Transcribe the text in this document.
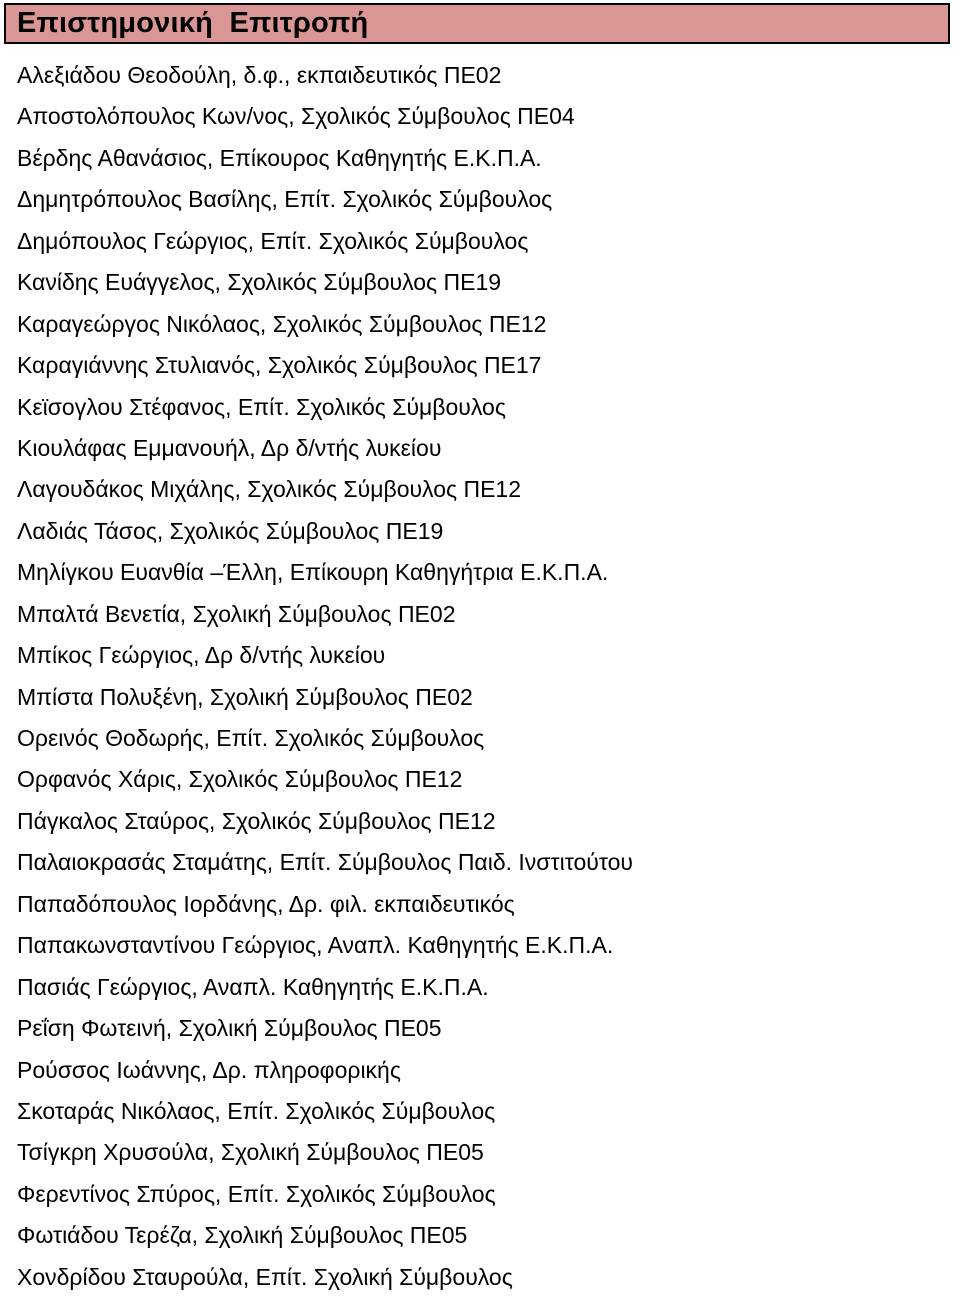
Επιστημονική  Επιτροπή
Αλεξιάδου Θεοδούλη, δ.φ., εκπαιδευτικός ΠΕ02
Αποστολόπουλος Κων/νος, Σχολικός Σύμβουλος ΠΕ04
Βέρδης Αθανάσιος, Επίκουρος Καθηγητής Ε.Κ.Π.Α.
Δημητρόπουλος Βασίλης, Επίτ. Σχολικός Σύμβουλος
Δημόπουλος Γεώργιος, Επίτ. Σχολικός Σύμβουλος
Κανίδης Ευάγγελος, Σχολικός Σύμβουλος ΠΕ19
Καραγεώργος Νικόλαος, Σχολικός Σύμβουλος ΠΕ12
Καραγιάννης Στυλιανός, Σχολικός Σύμβουλος ΠΕ17
Κεϊσογλου Στέφανος, Επίτ. Σχολικός Σύμβουλος
Κιουλάφας Εμμανουήλ, Δρ δ/ντής λυκείου
Λαγουδάκος Μιχάλης, Σχολικός Σύμβουλος ΠΕ12
Λαδιάς Τάσος, Σχολικός Σύμβουλος ΠΕ19
Μηλίγκου Ευανθία –Έλλη, Επίκουρη Καθηγήτρια Ε.Κ.Π.Α.
Μπαλτά Βενετία, Σχολική Σύμβουλος ΠΕ02
Μπίκος Γεώργιος, Δρ δ/ντής λυκείου
Μπίστα Πολυξένη, Σχολική Σύμβουλος ΠΕ02
Ορεινός Θοδωρής, Επίτ. Σχολικός Σύμβουλος
Ορφανός Χάρις, Σχολικός Σύμβουλος ΠΕ12
Πάγκαλος Σταύρος, Σχολικός Σύμβουλος ΠΕ12
Παλαιοκρασάς Σταμάτης, Επίτ. Σύμβουλος Παιδ. Ινστιτούτου
Παπαδόπουλος Ιορδάνης, Δρ. φιλ. εκπαιδευτικός
Παπακωνσταντίνου Γεώργιος, Αναπλ. Καθηγητής Ε.Κ.Π.Α.
Πασιάς Γεώργιος, Αναπλ. Καθηγητής Ε.Κ.Π.Α.
Ρεΐση Φωτεινή, Σχολική Σύμβουλος ΠΕ05
Ρούσσος Ιωάννης, Δρ. πληροφορικής
Σκοταράς Νικόλαος, Επίτ. Σχολικός Σύμβουλος
Τσίγκρη Χρυσούλα, Σχολική Σύμβουλος ΠΕ05
Φερεντίνος Σπύρος, Επίτ. Σχολικός Σύμβουλος
Φωτιάδου Τερέζα, Σχολική Σύμβουλος ΠΕ05
Χονδρίδου Σταυρούλα, Επίτ. Σχολική Σύμβουλος
